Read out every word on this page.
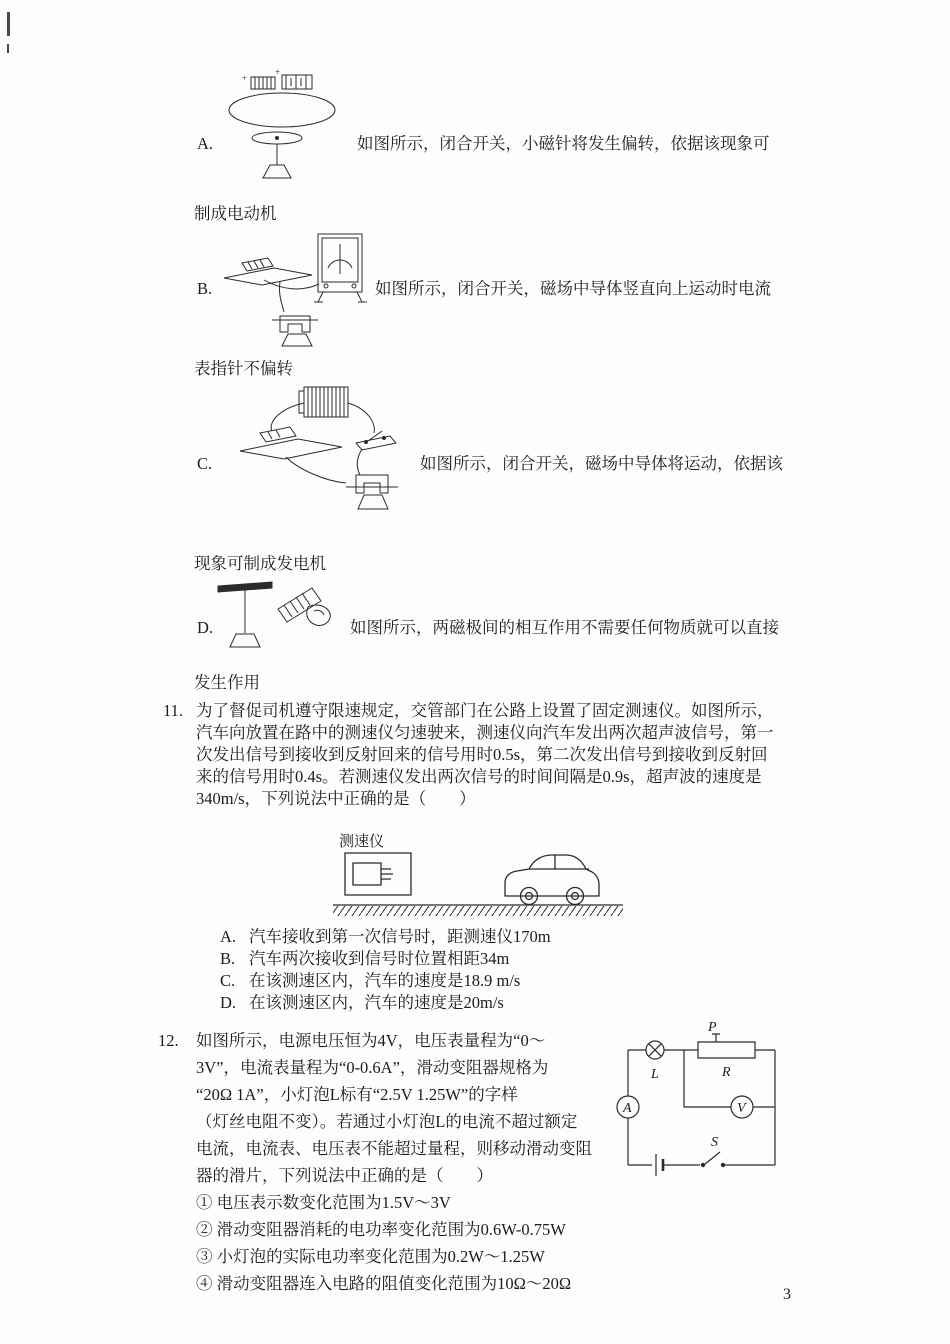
+
+
A.	如图所示，闭合开关，小磁针将发生偏转，依据该现象可
制成电动机
B.	如图所示，闭合开关，磁场中导体竖直向上运动时电流
表指针不偏转
C.	如图所示，闭合开关，磁场中导体将运动，依据该
现象可制成发电机
D.	如图所示，两磁极间的相互作用不需要任何物质就可以直接
发生作用
11. 为了督促司机遵守限速规定，交管部门在公路上设置了固定测速仪。如图所示，
汽车向放置在路中的测速仪匀速驶来，测速仪向汽车发出两次超声波信号，第一
次发出信号到接收到反射回来的信号用时0.5s，第二次发出信号到接收到反射回
来的信号用时0.4s。若测速仪发出两次信号的时间间隔是0.9s，超声波的速度是
340m/s，下列说法中正确的是（　　）
测速仪
A. 汽车接收到第一次信号时，距测速仪170m
B. 汽车两次接收到信号时位置相距34m
C. 在该测速区内，汽车的速度是18.9 m/s
D. 在该测速区内，汽车的速度是20m/s
12. 如图所示，电源电压恒为4V，电压表量程为“0～
3V”，电流表量程为“0-0.6A”，滑动变阻器规格为
“20Ω 1A”，小灯泡L标有“2.5V 1.25W”的字样
（灯丝电阻不变）。若通过小灯泡L的电流不超过额定
电流，电流表、电压表不能超过量程，则移动滑动变阻
器的滑片，下列说法中正确的是（　　）
① 电压表示数变化范围为1.5V～3V
② 滑动变阻器消耗的电功率变化范围为0.6W-0.75W
③ 小灯泡的实际电功率变化范围为0.2W～1.25W
④ 滑动变阻器连入电路的阻值变化范围为10Ω～20Ω
L
P
R
V
A
S
3
